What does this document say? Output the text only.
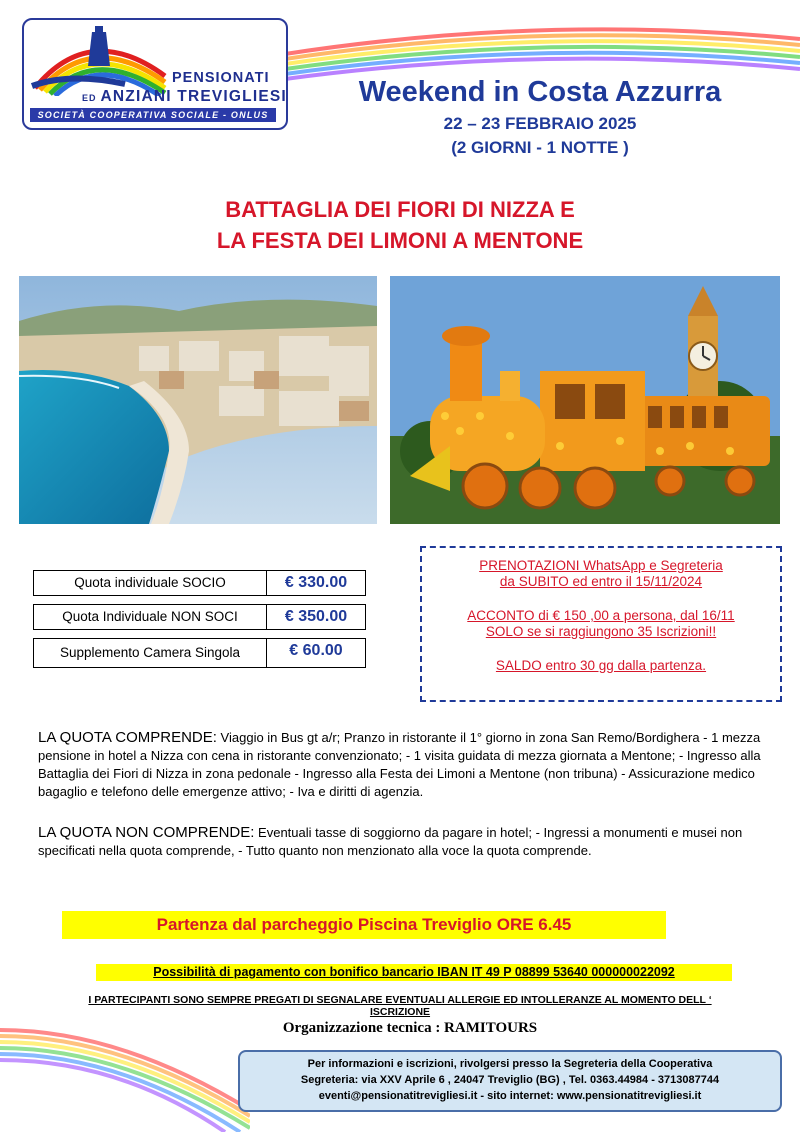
PENSIONATI
ED ANZIANI TREVIGLIESI
SOCIETÀ COOPERATIVA SOCIALE - ONLUS
Weekend in Costa Azzurra
22 – 23 FEBBRAIO 2025
(2 GIORNI - 1 NOTTE )
BATTAGLIA DEI FIORI DI NIZZA E
LA FESTA DEI LIMONI A MENTONE
Quota individuale SOCIO	€ 330.00
Quota Individuale NON SOCI	€ 350.00
Supplemento Camera Singola	€ 60.00

PRENOTAZIONI WhatsApp e Segreteria

da SUBITO ed entro il 15/11/2024

ACCONTO di € 150 ,00 a persona, dal 16/11

SOLO se si raggiungono 35 Iscrizioni!!

SALDO entro 30 gg dalla partenza.

LA QUOTA COMPRENDE: Viaggio in Bus gt a/r; Pranzo in ristorante il 1° giorno in zona San Remo/Bordighera - 1 mezza pensione in hotel a Nizza con cena in ristorante convenzionato; - 1 visita guidata di mezza giornata a Mentone; - Ingresso alla Battaglia dei Fiori di Nizza in zona pedonale - Ingresso alla Festa dei Limoni a Mentone (non tribuna) - Assicurazione medico bagaglio e telefono delle emergenze attivo; - Iva e diritti di agenzia.
LA QUOTA NON COMPRENDE: Eventuali tasse di soggiorno da pagare in hotel; - Ingressi a monumenti e musei non specificati nella quota comprende, - Tutto quanto non menzionato alla voce la quota comprende.
Partenza dal parcheggio Piscina Treviglio ORE 6.45
Possibilità di pagamento con bonifico bancario IBAN IT 49 P 08899 53640 000000022092
I PARTECIPANTI SONO SEMPRE PREGATI DI SEGNALARE EVENTUALI ALLERGIE ED INTOLLERANZE AL MOMENTO DELL ‘ ISCRIZIONE
Organizzazione tecnica : RAMITOURS
Per informazioni e iscrizioni, rivolgersi presso la Segreteria della Cooperativa
Segreteria: via XXV Aprile 6 , 24047 Treviglio (BG) , Tel. 0363.44984 - 3713087744
eventi@pensionatitrevigliesi.it - sito internet: www.pensionatitrevigliesi.it
